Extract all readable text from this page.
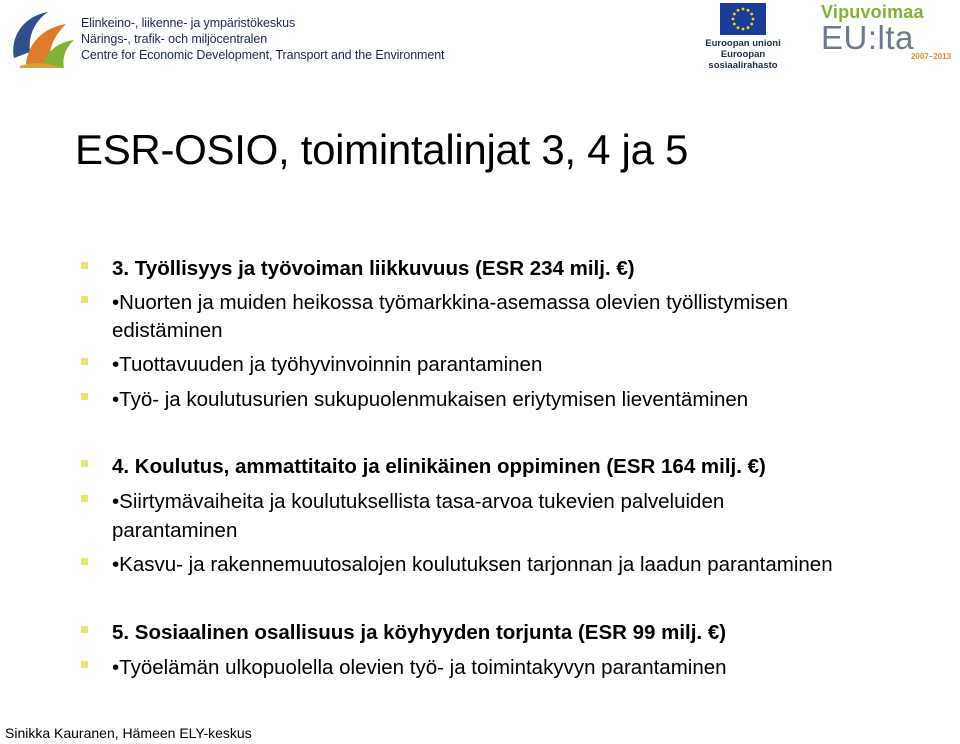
Elinkeino-, liikenne- ja ympäristökeskus
Närings-, trafik- och miljöcentralen
Centre for Economic Development, Transport and the Environment
Euroopan unioni
Euroopan sosiaalirahasto
Vipuvoimaa
EU:lta
2007–2013
ESR-OSIO, toimintalinjat 3, 4 ja 5
3. Työllisyys ja työvoiman liikkuvuus (ESR 234 milj. €)
•Nuorten ja muiden heikossa työmarkkina-asemassa olevien työllistymisen
edistäminen
•Tuottavuuden ja työhyvinvoinnin parantaminen
•Työ- ja koulutusurien sukupuolenmukaisen eriytymisen lieventäminen
4. Koulutus, ammattitaito ja elinikäinen oppiminen (ESR 164 milj. €)
•Siirtymävaiheita ja koulutuksellista tasa-arvoa tukevien palveluiden
parantaminen
•Kasvu- ja rakennemuutosalojen koulutuksen tarjonnan ja laadun parantaminen
5. Sosiaalinen osallisuus ja köyhyyden torjunta (ESR 99 milj. €)
•Työelämän ulkopuolella olevien työ- ja toimintakyvyn parantaminen
Sinikka Kauranen, Hämeen ELY-keskus
